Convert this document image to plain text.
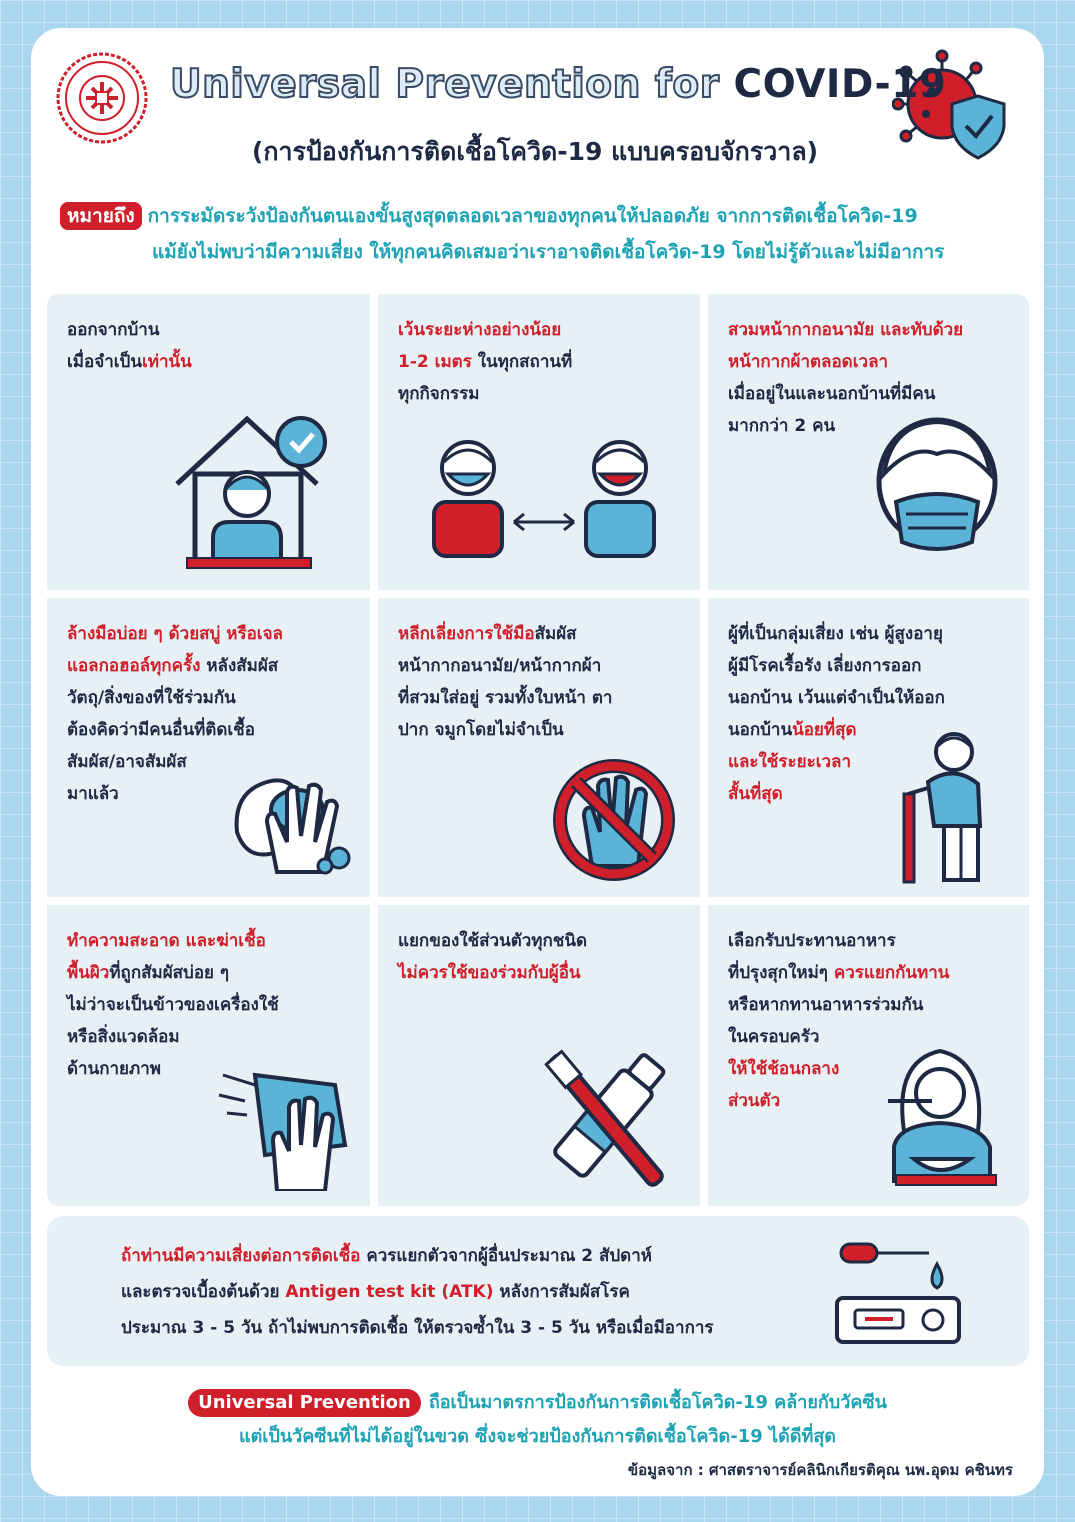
Universal Prevention for COVID-19
(การป้องกันการติดเชื้อโควิด-19 แบบครอบจักรวาล)
หมายถึง การระมัดระวังป้องกันตนเองขั้นสูงสุดตลอดเวลาของทุกคนให้ปลอดภัย จากการติดเชื้อโควิด-19
แม้ยังไม่พบว่ามีความเสี่ยง ให้ทุกคนคิดเสมอว่าเราอาจติดเชื้อโควิด-19 โดยไม่รู้ตัวและไม่มีอาการ

ออกจากบ้าน

เมื่อจำเป็นเท่านั้น

เว้นระยะห่างอย่างน้อย

1-2 เมตร ในทุกสถานที่

ทุกกิจกรรม

สวมหน้ากากอนามัย และทับด้วย

หน้ากากผ้าตลอดเวลา

เมื่ออยู่ในและนอกบ้านที่มีคน

มากกว่า 2 คน

ล้างมือบ่อย ๆ ด้วยสบู่ หรือเจล

แอลกอฮอล์ทุกครั้ง หลังสัมผัส

วัตถุ/สิ่งของที่ใช้ร่วมกัน

ต้องคิดว่ามีคนอื่นที่ติดเชื้อ

สัมผัส/อาจสัมผัส

มาแล้ว

หลีกเลี่ยงการใช้มือสัมผัส

หน้ากากอนามัย/หน้ากากผ้า

ที่สวมใส่อยู่ รวมทั้งใบหน้า ตา

ปาก จมูกโดยไม่จำเป็น

ผู้ที่เป็นกลุ่มเสี่ยง เช่น ผู้สูงอายุ

ผู้มีโรคเรื้อรัง เลี่ยงการออก

นอกบ้าน เว้นแต่จำเป็นให้ออก

นอกบ้านน้อยที่สุด

และใช้ระยะเวลา

สั้นที่สุด

ทำความสะอาด และฆ่าเชื้อ

พื้นผิวที่ถูกสัมผัสบ่อย ๆ

ไม่ว่าจะเป็นข้าวของเครื่องใช้

หรือสิ่งแวดล้อม

ด้านกายภาพ

แยกของใช้ส่วนตัวทุกชนิด

ไม่ควรใช้ของร่วมกับผู้อื่น

เลือกรับประทานอาหาร

ที่ปรุงสุกใหม่ๆ ควรแยกกันทาน

หรือหากทานอาหารร่วมกัน

ในครอบครัว

ให้ใช้ช้อนกลาง

ส่วนตัว

ถ้าท่านมีความเสี่ยงต่อการติดเชื้อ ควรแยกตัวจากผู้อื่นประมาณ 2 สัปดาห์
และตรวจเบื้องต้นด้วย Antigen test kit (ATK) หลังการสัมผัสโรค
ประมาณ 3 - 5 วัน ถ้าไม่พบการติดเชื้อ ให้ตรวจซ้ำใน 3 - 5 วัน หรือเมื่อมีอาการ
Universal Prevention ถือเป็นมาตรการป้องกันการติดเชื้อโควิด-19 คล้ายกับวัคซีน
แต่เป็นวัคซีนที่ไม่ได้อยู่ในขวด ซึ่งจะช่วยป้องกันการติดเชื้อโควิด-19 ได้ดีที่สุด
ข้อมูลจาก : ศาสตราจารย์คลินิกเกียรติคุณ นพ.อุดม คชินทร
